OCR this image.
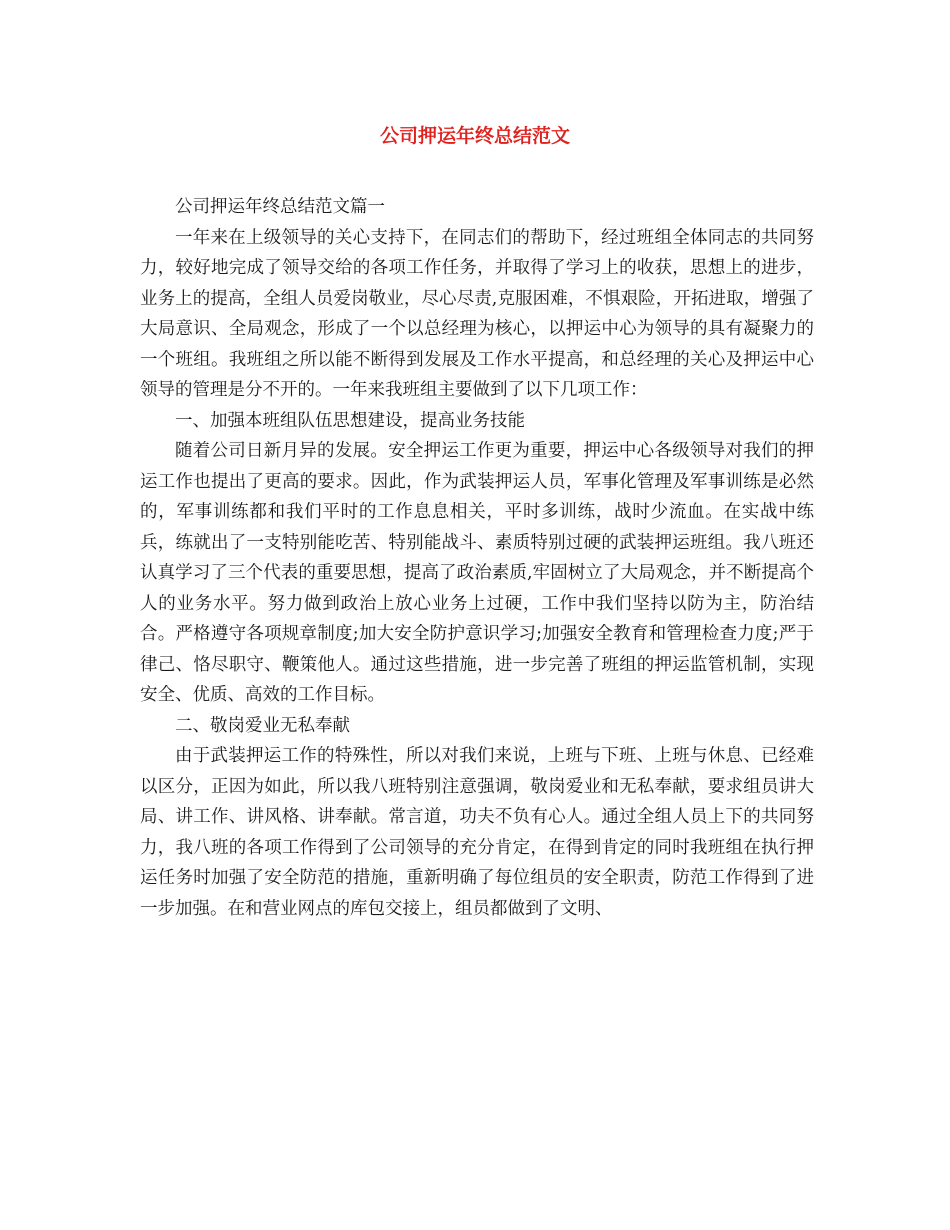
公司押运年终总结范文

公司押运年终总结范文篇一

一年来在上级领导的关心支持下，在同志们的帮助下，经过班组全体同志的共同努力，较好地完成了领导交给的各项工作任务，并取得了学习上的收获，思想上的进步，业务上的提高，全组人员爱岗敬业，尽心尽责,克服困难，不惧艰险，开拓进取，增强了大局意识、全局观念，形成了一个以总经理为核心，以押运中心为领导的具有凝聚力的一个班组。我班组之所以能不断得到发展及工作水平提高，和总经理的关心及押运中心领导的管理是分不开的。一年来我班组主要做到了以下几项工作：

一、加强本班组队伍思想建设，提高业务技能

随着公司日新月异的发展。安全押运工作更为重要，押运中心各级领导对我们的押运工作也提出了更高的要求。因此，作为武装押运人员，军事化管理及军事训练是必然的，军事训练都和我们平时的工作息息相关，平时多训练，战时少流血。在实战中练兵，练就出了一支特别能吃苦、特别能战斗、素质特别过硬的武装押运班组。我八班还认真学习了三个代表的重要思想，提高了政治素质,牢固树立了大局观念，并不断提高个人的业务水平。努力做到政治上放心业务上过硬，工作中我们坚持以防为主，防治结合。严格遵守各项规章制度;加大安全防护意识学习;加强安全教育和管理检查力度;严于律己、恪尽职守、鞭策他人。通过这些措施，进一步完善了班组的押运监管机制，实现安全、优质、高效的工作目标。

二、敬岗爱业无私奉献

由于武装押运工作的特殊性，所以对我们来说，上班与下班、上班与休息、已经难以区分，正因为如此，所以我八班特别注意强调，敬岗爱业和无私奉献，要求组员讲大局、讲工作、讲风格、讲奉献。常言道，功夫不负有心人。通过全组人员上下的共同努力，我八班的各项工作得到了公司领导的充分肯定，在得到肯定的同时我班组在执行押运任务时加强了安全防范的措施，重新明确了每位组员的安全职责，防范工作得到了进一步加强。在和营业网点的库包交接上，组员都做到了文明、
